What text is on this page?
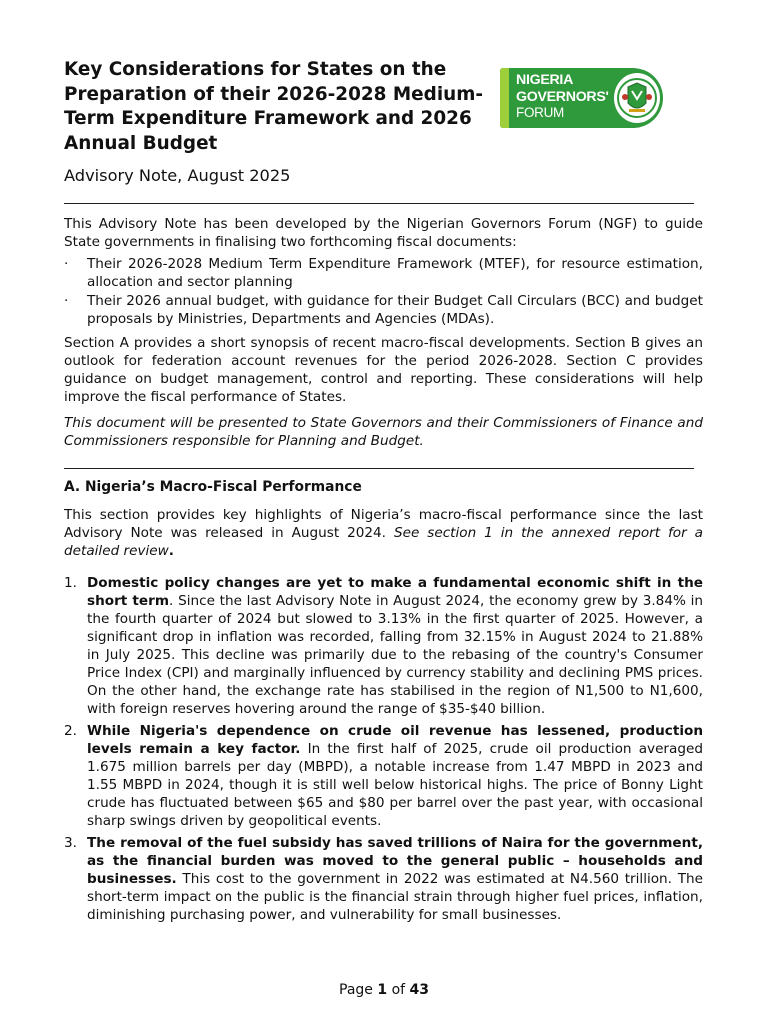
Key Considerations for States on the Preparation of their 2026-2028 Medium-Term Expenditure Framework and 2026 Annual Budget
NIGERIA
GOVERNORS'
FORUM

Advisory Note, August 2025

This Advisory Note has been developed by the Nigerian Governors Forum (NGF) to guide State governments in finalising two forthcoming fiscal documents:

· Their 2026-2028 Medium Term Expenditure Framework (MTEF), for resource estimation, allocation and sector planning
· Their 2026 annual budget, with guidance for their Budget Call Circulars (BCC) and budget proposals by Ministries, Departments and Agencies (MDAs).

Section A provides a short synopsis of recent macro-fiscal developments. Section B gives an outlook for federation account revenues for the period 2026-2028. Section C provides guidance on budget management, control and reporting. These considerations will help improve the fiscal performance of States.

This document will be presented to State Governors and their Commissioners of Finance and Commissioners responsible for Planning and Budget.

A. Nigeria’s Macro-Fiscal Performance

This section provides key highlights of Nigeria’s macro-fiscal performance since the last Advisory Note was released in August 2024. See section 1 in the annexed report for a detailed review.

1. Domestic policy changes are yet to make a fundamental economic shift in the short term. Since the last Advisory Note in August 2024, the economy grew by 3.84% in the fourth quarter of 2024 but slowed to 3.13% in the first quarter of 2025. However, a significant drop in inflation was recorded, falling from 32.15% in August 2024 to 21.88% in July 2025. This decline was primarily due to the rebasing of the country's Consumer Price Index (CPI) and marginally influenced by currency stability and declining PMS prices. On the other hand, the exchange rate has stabilised in the region of N1,500 to N1,600, with foreign reserves hovering around the range of $35-$40 billion.
2. While Nigeria's dependence on crude oil revenue has lessened, production levels remain a key factor. In the first half of 2025, crude oil production averaged 1.675 million barrels per day (MBPD), a notable increase from 1.47 MBPD in 2023 and 1.55 MBPD in 2024, though it is still well below historical highs. The price of Bonny Light crude has fluctuated between $65 and $80 per barrel over the past year, with occasional sharp swings driven by geopolitical events.
3. The removal of the fuel subsidy has saved trillions of Naira for the government, as the financial burden was moved to the general public – households and businesses. This cost to the government in 2022 was estimated at N4.560 trillion. The short-term impact on the public is the financial strain through higher fuel prices, inflation, diminishing purchasing power, and vulnerability for small businesses.
Page 1 of 43
